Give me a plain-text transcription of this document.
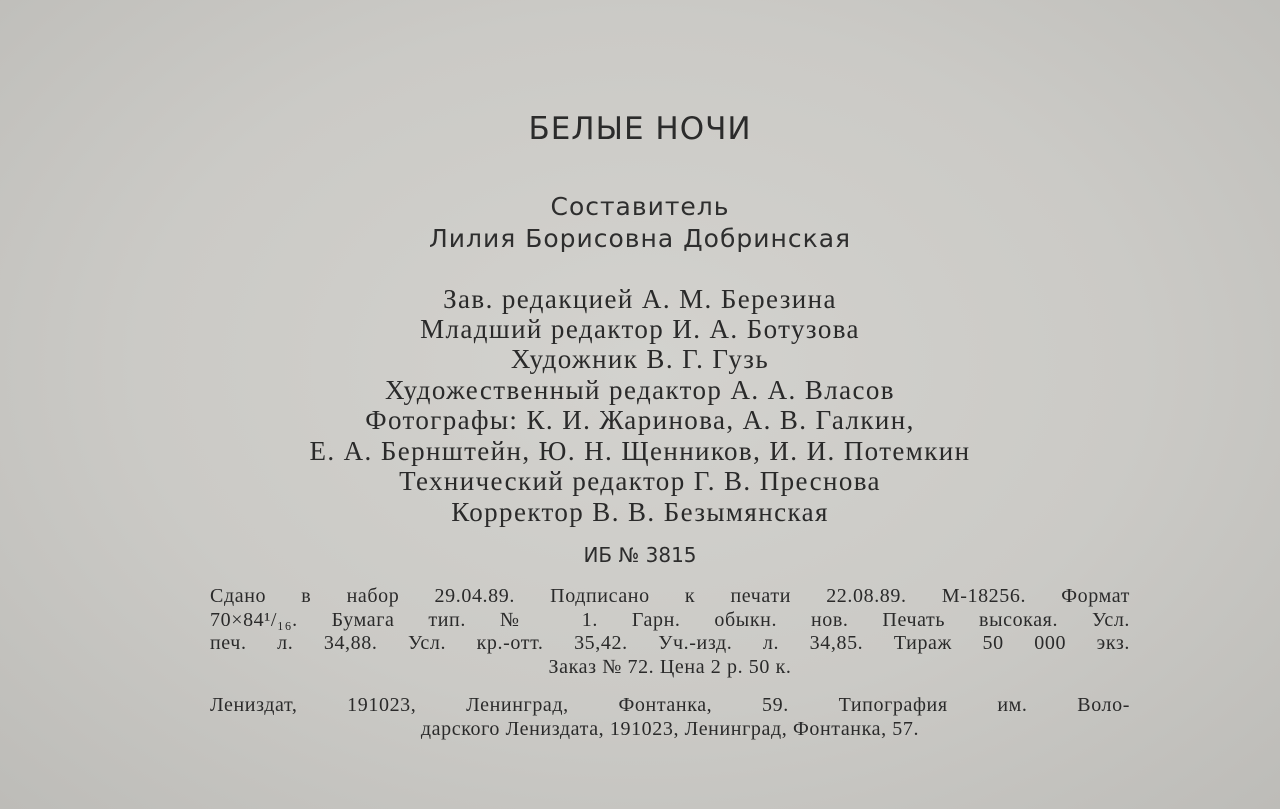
БЕЛЫЕ НОЧИ
Составитель
Лилия Борисовна Добринская
Зав. редакцией А. М. Березина
Младший редактор И. А. Ботузова
Художник В. Г. Гузь
Художественный редактор А. А. Власов
Фотографы: К. И. Жаринова, А. В. Галкин,
Е. А. Бернштейн, Ю. Н. Щенников, И. И. Потемкин
Технический редактор Г. В. Преснова
Корректор В. В. Безымянская
ИБ № 3815
Сдано в набор 29.04.89. Подписано к печати 22.08.89. М-18256. Формат
70×84¹/₁₆. Бумага тип. № 1. Гарн. обыкн. нов. Печать высокая. Усл.
печ. л. 34,88. Усл. кр.-отт. 35,42. Уч.-изд. л. 34,85. Тираж 50 000 экз.
Заказ № 72. Цена 2 р. 50 к.
Лениздат, 191023, Ленинград, Фонтанка, 59. Типография им. Воло-
дарского Лениздата, 191023, Ленинград, Фонтанка, 57.
